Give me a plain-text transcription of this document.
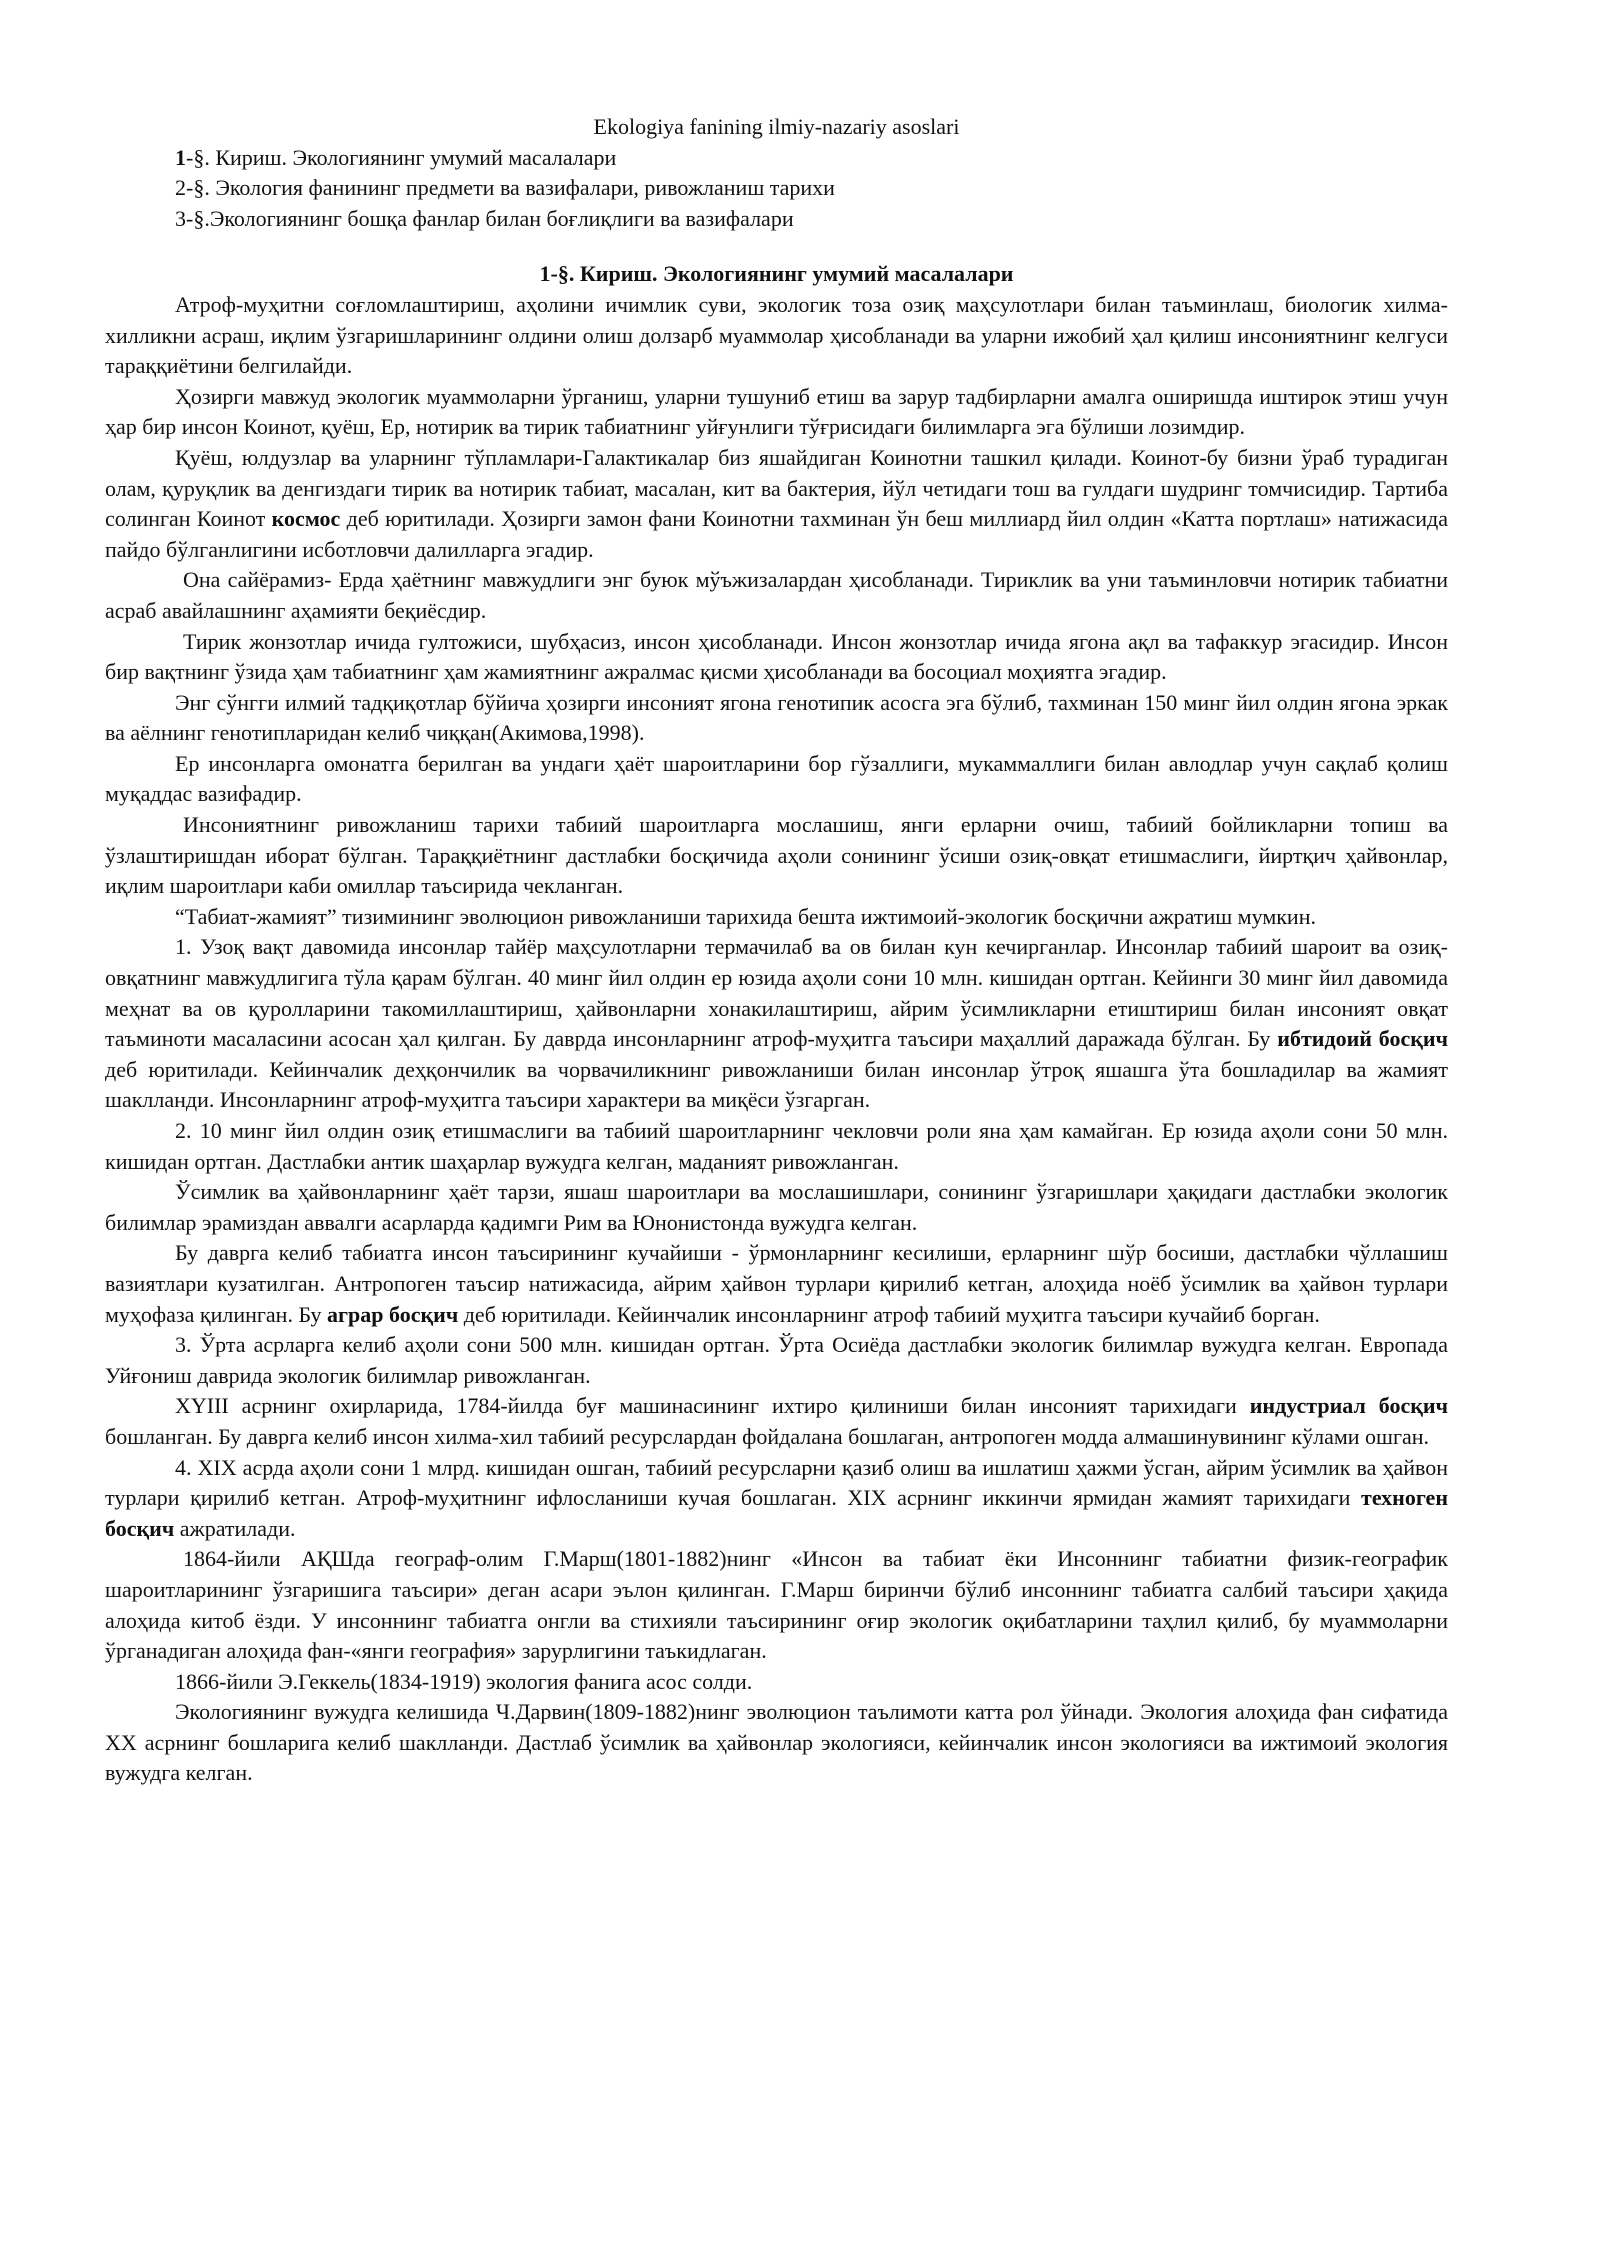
Ekologiya fanining ilmiy-nazariy asoslari
1-§. Кириш. Экологиянинг умумий масалалари
2-§. Экология фанининг предмети ва вазифалари, ривожланиш тарихи
3-§.Экологиянинг бошқа фанлар билан боғлиқлиги ва вазифалари
1-§. Кириш. Экологиянинг умумий масалалари

Атроф-муҳитни соғломлаштириш, аҳолини ичимлик суви, экологик тоза озиқ маҳсулотлари билан таъминлаш, биологик хилма-хилликни асраш, иқлим ўзгаришларининг олдини олиш долзарб муаммолар ҳисобланади ва уларни ижобий ҳал қилиш инсониятнинг келгуси тараққиётини белгилайди.

Ҳозирги мавжуд экологик муаммоларни ўрганиш, уларни тушуниб етиш ва зарур тадбирларни амалга оширишда иштирок этиш учун ҳар бир инсон Коинот, қуёш, Ер, нотирик ва тирик табиатнинг уйғунлиги тўғрисидаги билимларга эга бўлиши лозимдир.

Қуёш, юлдузлар ва уларнинг тўпламлари-Галактикалар биз яшайдиган Коинотни ташкил қилади. Коинот-бу бизни ўраб турадиган олам, қуруқлик ва денгиздаги тирик ва нотирик табиат, масалан, кит ва бактерия, йўл четидаги тош ва гулдаги шудринг томчисидир. Тартиба солинган Коинот космос деб юритилади. Ҳозирги замон фани Коинотни тахминан ўн беш миллиард йил олдин «Катта портлаш» натижасида пайдо бўлганлигини исботловчи далилларга эгадир.

Она сайёрамиз- Ерда ҳаётнинг мавжудлиги энг буюк мўъжизалардан ҳисобланади. Тириклик ва уни таъминловчи нотирик табиатни асраб авайлашнинг аҳамияти беқиёсдир.

Тирик жонзотлар ичида гултожиси, шубҳасиз, инсон ҳисобланади. Инсон жонзотлар ичида ягона ақл ва тафаккур эгасидир. Инсон бир вақтнинг ўзида ҳам табиатнинг ҳам жамиятнинг ажралмас қисми ҳисобланади ва босоциал моҳиятга эгадир.

Энг сўнгги илмий тадқиқотлар бўйича ҳозирги инсоният ягона генотипик асосга эга бўлиб, тахминан 150 минг йил олдин ягона эркак ва аёлнинг генотипларидан келиб чиққан(Акимова,1998).

Ер инсонларга омонатга берилган ва ундаги ҳаёт шароитларини бор гўзаллиги, мукаммаллиги билан авлодлар учун сақлаб қолиш муқаддас вазифадир.

Инсониятнинг ривожланиш тарихи табиий шароитларга мослашиш, янги ерларни очиш, табиий бойликларни топиш ва ўзлаштиришдан иборат бўлган. Тараққиётнинг дастлабки босқичида аҳоли сонининг ўсиши озиқ-овқат етишмаслиги, йиртқич ҳайвонлар, иқлим шароитлари каби омиллар таъсирида чекланган.

“Табиат-жамият” тизимининг эволюцион ривожланиши тарихида бешта ижтимоий-экологик босқични ажратиш мумкин.

1. Узоқ вақт давомида инсонлар тайёр маҳсулотларни термачилаб ва ов билан кун кечирганлар. Инсонлар табиий шароит ва озиқ-овқатнинг мавжудлигига тўла қарам бўлган. 40 минг йил олдин ер юзида аҳоли сони 10 млн. кишидан ортган. Кейинги 30 минг йил давомида меҳнат ва ов қуролларини такомиллаштириш, ҳайвонларни хонакилаштириш, айрим ўсимликларни етиштириш билан инсоният овқат таъминоти масаласини асосан ҳал қилган. Бу даврда инсонларнинг атроф-муҳитга таъсири маҳаллий даражада бўлган. Бу ибтидоий босқич деб юритилади. Кейинчалик деҳқончилик ва чорвачиликнинг ривожланиши билан инсонлар ўтроқ яшашга ўта бошладилар ва жамият шаклланди. Инсонларнинг атроф-муҳитга таъсири характери ва миқёси ўзгарган.

2. 10 минг йил олдин озиқ етишмаслиги ва табиий шароитларнинг чекловчи роли яна ҳам камайган. Ер юзида аҳоли сони 50 млн. кишидан ортган. Дастлабки антик шаҳарлар вужудга келган, маданият ривожланган.

Ўсимлик ва ҳайвонларнинг ҳаёт тарзи, яшаш шароитлари ва мослашишлари, сонининг ўзгаришлари ҳақидаги дастлабки экологик билимлар эрамиздан аввалги асарларда қадимги Рим ва Юнонистонда вужудга келган.

Бу даврга келиб табиатга инсон таъсирининг кучайиши - ўрмонларнинг кесилиши, ерларнинг шўр босиши, дастлабки чўллашиш вазиятлари кузатилган. Антропоген таъсир натижасида, айрим ҳайвон турлари қирилиб кетган, алоҳида ноёб ўсимлик ва ҳайвон турлари муҳофаза қилинган. Бу аграр босқич деб юритилади. Кейинчалик инсонларнинг атроф табиий муҳитга таъсири кучайиб борган.

3. Ўрта асрларга келиб аҳоли сони 500 млн. кишидан ортган. Ўрта Осиёда дастлабки экологик билимлар вужудга келган. Европада Уйғониш даврида экологик билимлар ривожланган.

XYIII асрнинг охирларида, 1784-йилда буғ машинасининг ихтиро қилиниши билан инсоният тарихидаги индустриал босқич бошланган. Бу даврга келиб инсон хилма-хил табиий ресурслардан фойдалана бошлаган, антропоген модда алмашинувининг кўлами ошган.

4. XIX асрда аҳоли сони 1 млрд. кишидан ошган, табиий ресурсларни қазиб олиш ва ишлатиш ҳажми ўсган, айрим ўсимлик ва ҳайвон турлари қирилиб кетган. Атроф-муҳитнинг ифлосланиши кучая бошлаган. XIX асрнинг иккинчи ярмидан жамият тарихидаги техноген босқич ажратилади.

1864-йили АҚШда географ-олим Г.Марш(1801-1882)нинг «Инсон ва табиат ёки Инсоннинг табиатни физик-географик шароитларининг ўзгаришига таъсири» деган асари эълон қилинган. Г.Марш биринчи бўлиб инсоннинг табиатга салбий таъсири ҳақида алоҳида китоб ёзди. У инсоннинг табиатга онгли ва стихияли таъсирининг оғир экологик оқибатларини таҳлил қилиб, бу муаммоларни ўрганадиган алоҳида фан-«янги география» зарурлигини таъкидлаган.

1866-йили Э.Геккель(1834-1919) экология фанига асос солди.

Экологиянинг вужудга келишида Ч.Дарвин(1809-1882)нинг эволюцион таълимоти катта рол ўйнади. Экология алоҳида фан сифатида XX асрнинг бошларига келиб шаклланди. Дастлаб ўсимлик ва ҳайвонлар экологияси, кейинчалик инсон экологияси ва ижтимоий экология вужудга келган.
